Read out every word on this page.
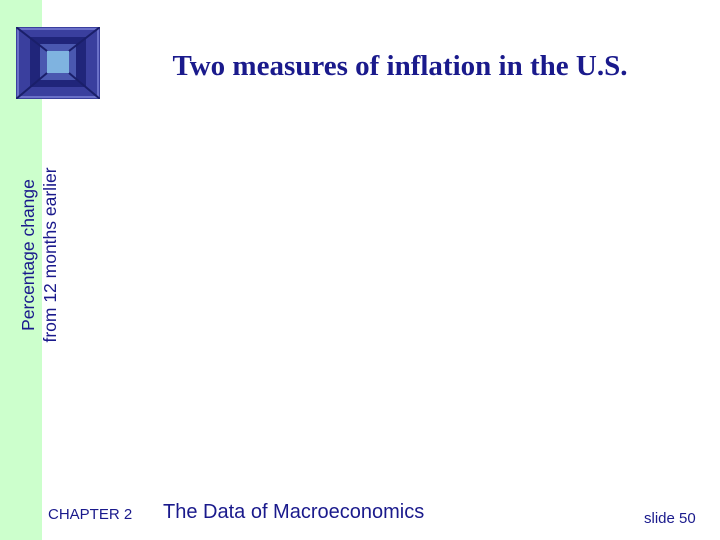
Two measures of inflation in the U.S.
Percentage change from 12 months earlier
CHAPTER 2 The Data of Macroeconomics	slide 50
